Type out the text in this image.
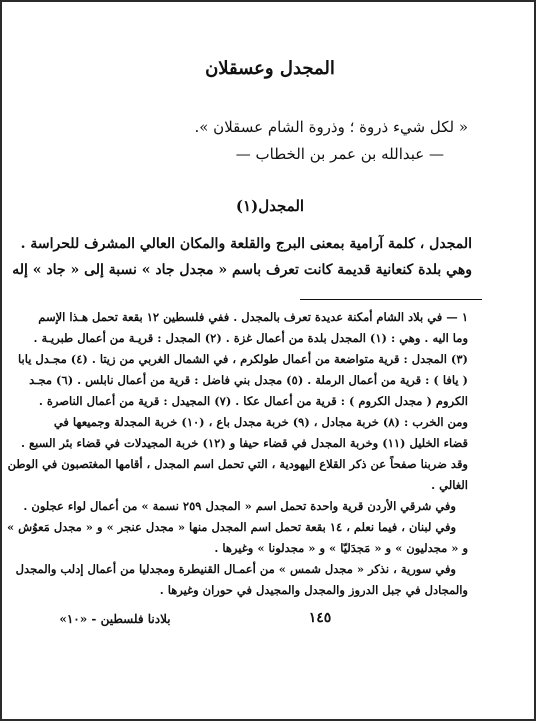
المجدل وعسقلان
« لكل شيء ذروة ؛ وذروة الشام عسقلان ».
— عبدالله بن عمر بن الخطاب —
المجدل(١)
المجدل ، كلمة آرامية بمعنى البرج والقلعة والمكان العالي المشرف للحراسة .
وهي بلدة كنعانية قديمة كانت تعرف باسم « مجدل جاد » نسبة إلى « جاد » إله
١ — في بلاد الشام أمكنة عديدة تعرف بالمجدل . ففي فلسطين ١٢ بقعة تحمل هـذا الإسم
وما اليه . وهي : (١) المجدل بلدة من أعمال غزة . (٢) المجدل : قريـة من أعمال طبريـة .
(٣) المجدل : قرية متواضعة من أعمال طولكرم ، في الشمال الغربي من زيتا . (٤) مجـدل يابا
( يافا ) : قرية من أعمال الرملة . (٥) مجدل بني فاضل : قرية من أعمال نابلس . (٦) مجـد
الكروم ( مجدل الكروم ) : قرية من أعمال عكا . (٧) المجيدل : قرية من أعمال الناصرة .
ومن الخرب : (٨) خربة مجادل ، (٩) خربة مجدل باع ، (١٠) خربة المجدلة وجميعها في
قضاء الخليل (١١) وخربة المجدل في قضاء حيفا و (١٢) خربة المجيدلات في قضاء بئر السبع .
وقد ضربنا صفحاً عن ذكر القلاع اليهودية ، التي تحمل اسم المجدل ، أقامها المغتصبون في الوطن
الغالي .
وفي شرقي الأردن قرية واحدة تحمل اسم « المجدل ٢٥٩ نسمة » من أعمال لواء عجلون .
وفي لبنان ، فيما نعلم ، ١٤ بقعة تحمل اسم المجدل منها « مجدل عنجر » و « مجدل مَعوُش »
و « مجدليون » و « مَجدَليّا » و « مجدلونا » وغيرها .
وفي سورية ، نذكر « مجدل شمس » من أعمـال القنيطرة ومجدليا من أعمال إدلب والمجدل
والمجادل في جبل الدروز والمجدل والمجيدل في حوران وغيرها .
١٤٥
بلادنا فلسطين - «١٠»
